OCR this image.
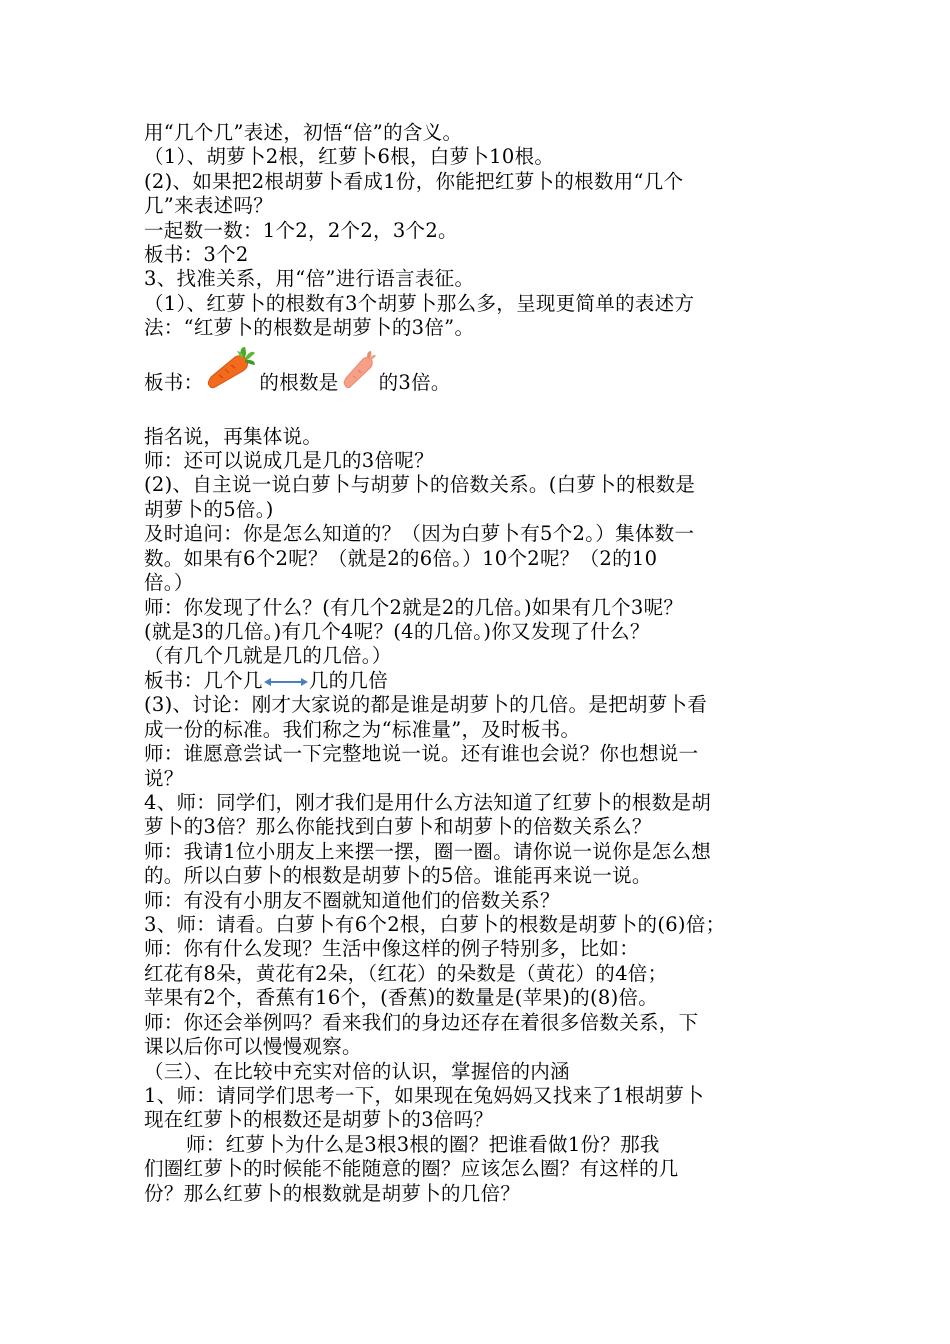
用“几个几”表述，初悟“倍”的含义。
（1）、胡萝卜2根，红萝卜6根，白萝卜10根。
(2)、如果把2根胡萝卜看成1份，你能把红萝卜的根数用“几个
几”来表述吗？
一起数一数：1个2，2个2，3个2。
板书：3个2
3、找准关系，用“倍”进行语言表征。
（1）、红萝卜的根数有3个胡萝卜那么多，呈现更简单的表述方
法：“红萝卜的根数是胡萝卜的3倍”。
板书：	的根数是 的3倍。
指名说，再集体说。
师：还可以说成几是几的3倍呢？
(2)、自主说一说白萝卜与胡萝卜的倍数关系。(白萝卜的根数是
胡萝卜的5倍。)
及时追问：你是怎么知道的？（因为白萝卜有5个2。）集体数一
数。如果有6个2呢？（就是2的6倍。）10个2呢？（2的10
倍。）
师：你发现了什么？(有几个2就是2的几倍。)如果有几个3呢？
(就是3的几倍。)有几个4呢？(4的几倍。)你又发现了什么？
（有几个几就是几的几倍。）
板书：几个几 几的几倍
(3)、讨论：刚才大家说的都是谁是胡萝卜的几倍。是把胡萝卜看
成一份的标准。我们称之为“标准量”，及时板书。
师：谁愿意尝试一下完整地说一说。还有谁也会说？你也想说一
说？
4、师：同学们，刚才我们是用什么方法知道了红萝卜的根数是胡
萝卜的3倍？那么你能找到白萝卜和胡萝卜的倍数关系么？
师：我请1位小朋友上来摆一摆，圈一圈。请你说一说你是怎么想
的。所以白萝卜的根数是胡萝卜的5倍。谁能再来说一说。
师：有没有小朋友不圈就知道他们的倍数关系？
3、师：请看。白萝卜有6个2根，白萝卜的根数是胡萝卜的(6)倍；
师：你有什么发现？生活中像这样的例子特别多，比如：
红花有8朵，黄花有2朵，（红花）的朵数是（黄花）的4倍；
苹果有2个，香蕉有16个，(香蕉)的数量是(苹果)的(8)倍。
师：你还会举例吗？看来我们的身边还存在着很多倍数关系，下
课以后你可以慢慢观察。
（三）、在比较中充实对倍的认识，掌握倍的内涵
1、师：请同学们思考一下，如果现在兔妈妈又找来了1根胡萝卜
现在红萝卜的根数还是胡萝卜的3倍吗？
师：红萝卜为什么是3根3根的圈？把谁看做1份？那我
们圈红萝卜的时候能不能随意的圈？应该怎么圈？有这样的几
份？那么红萝卜的根数就是胡萝卜的几倍？
